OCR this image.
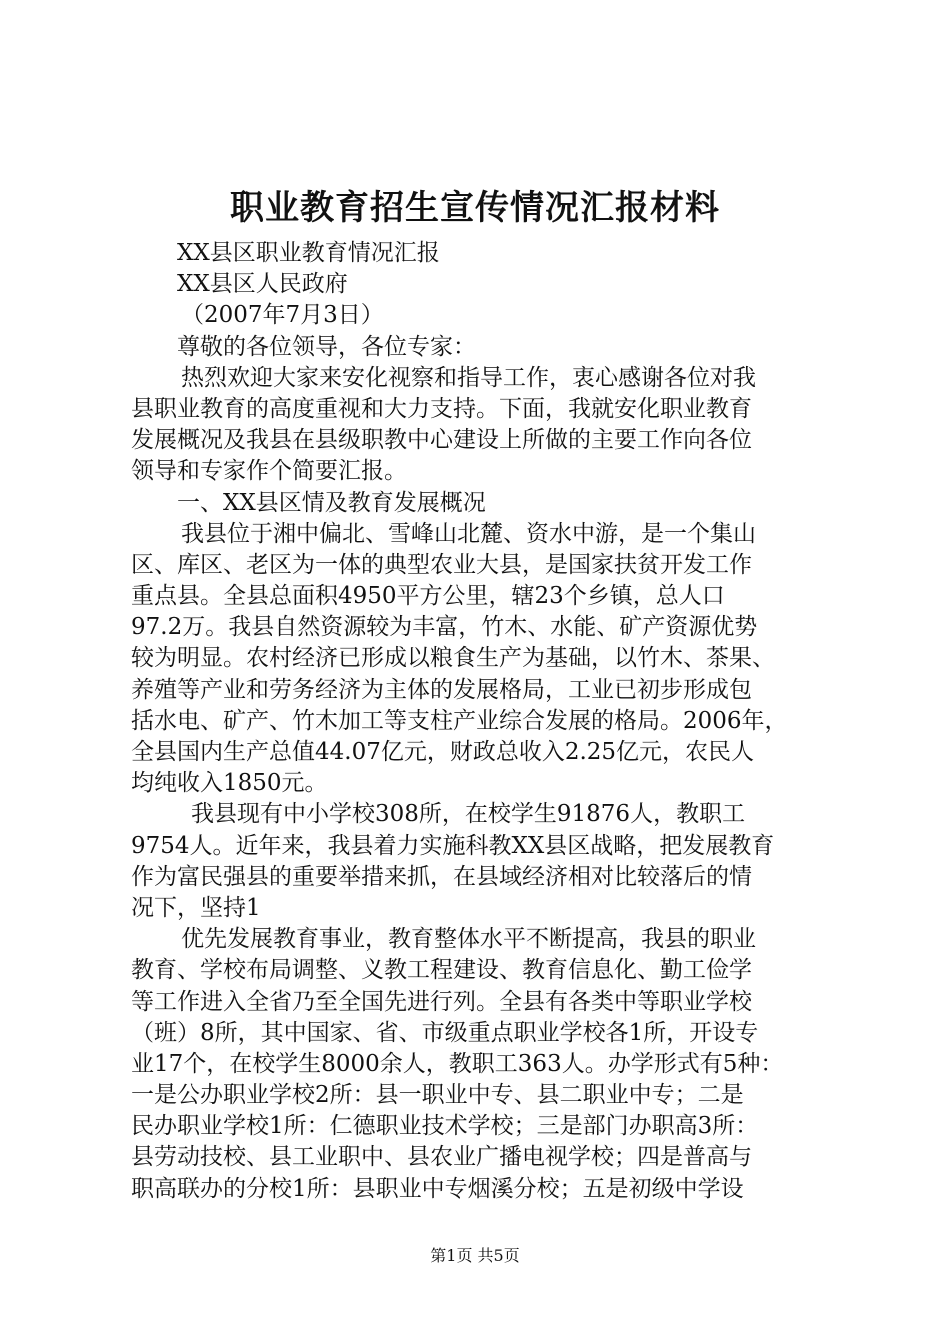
职业教育招生宣传情况汇报材料
XX县区职业教育情况汇报
XX县区人民政府
（2007年7月3日）
尊敬的各位领导，各位专家：
热烈欢迎大家来安化视察和指导工作，衷心感谢各位对我
县职业教育的高度重视和大力支持。下面，我就安化职业教育
发展概况及我县在县级职教中心建设上所做的主要工作向各位
领导和专家作个简要汇报。
一、XX县区情及教育发展概况
我县位于湘中偏北、雪峰山北麓、资水中游，是一个集山
区、库区、老区为一体的典型农业大县，是国家扶贫开发工作
重点县。全县总面积4950平方公里，辖23个乡镇，总人口
97.2万。我县自然资源较为丰富，竹木、水能、矿产资源优势
较为明显。农村经济已形成以粮食生产为基础，以竹木、茶果、
养殖等产业和劳务经济为主体的发展格局，工业已初步形成包
括水电、矿产、竹木加工等支柱产业综合发展的格局。2006年，
全县国内生产总值44.07亿元，财政总收入2.25亿元，农民人
均纯收入1850元。
我县现有中小学校308所，在校学生91876人，教职工
9754人。近年来，我县着力实施科教XX县区战略，把发展教育
作为富民强县的重要举措来抓，在县域经济相对比较落后的情
况下，坚持1
优先发展教育事业，教育整体水平不断提高，我县的职业
教育、学校布局调整、义教工程建设、教育信息化、勤工俭学
等工作进入全省乃至全国先进行列。全县有各类中等职业学校
（班）8所，其中国家、省、市级重点职业学校各1所，开设专
业17个，在校学生8000余人，教职工363人。办学形式有5种：
一是公办职业学校2所：县一职业中专、县二职业中专；二是
民办职业学校1所：仁德职业技术学校；三是部门办职高3所：
县劳动技校、县工业职中、县农业广播电视学校；四是普高与
职高联办的分校1所：县职业中专烟溪分校；五是初级中学设
第1页 共5页
